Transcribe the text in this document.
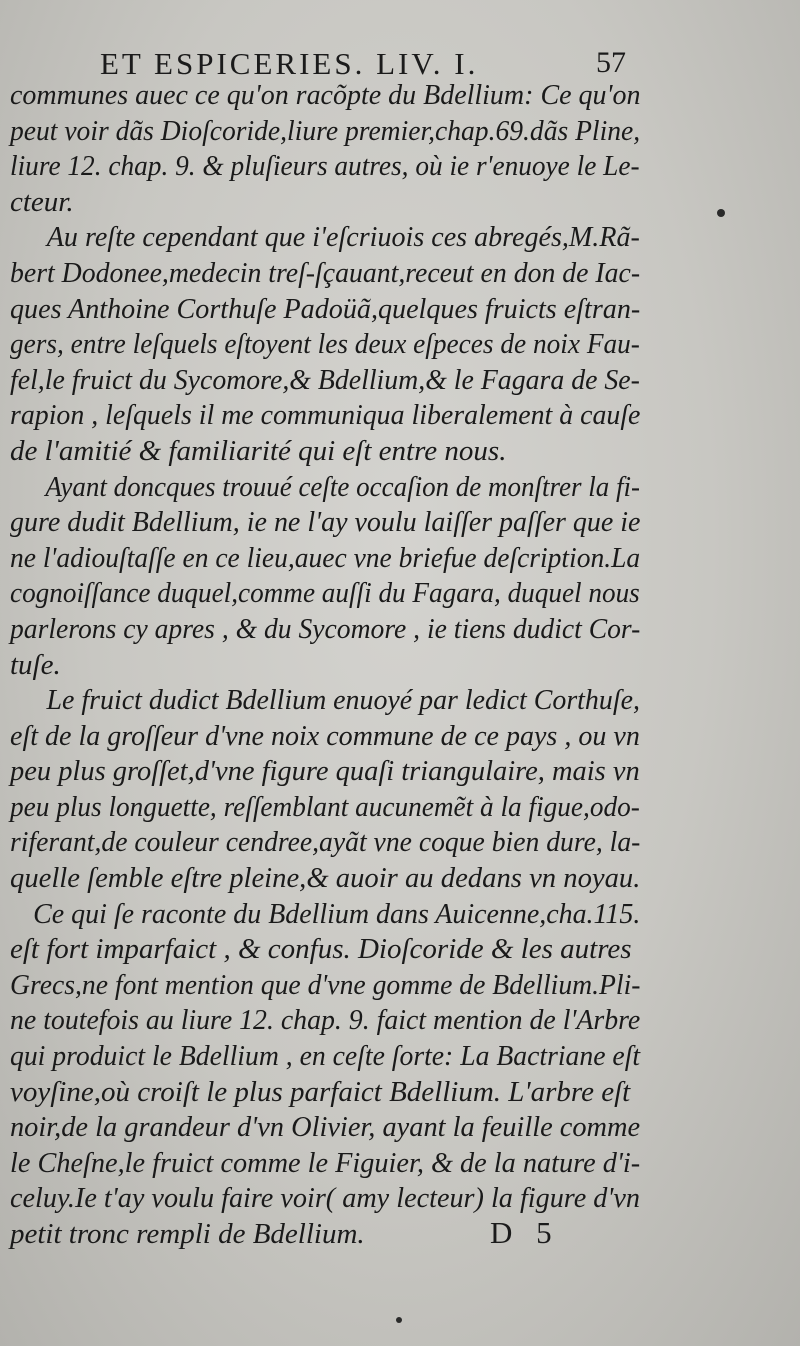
ET ESPICERIES. LIV. I.	57
communes auec ce qu'on racõpte du Bdellium: Ce qu'on
peut voir dãs Dioſcoride,liure premier,chap.69.dãs Pline,
liure 12. chap. 9. & pluſieurs autres, où ie r'enuoye le Le-
cteur.
Au reſte cependant que i'eſcriuois ces abregés,M.Rã-
bert Dodonee,medecin treſ-ſçauant,receut en don de Iac-
ques Anthoine Corthuſe Padoüã,quelques fruicts eſtran-
gers, entre leſquels eſtoyent les deux eſpeces de noix Fau-
fel,le fruict du Sycomore,& Bdellium,& le Fagara de Se-
rapion , leſquels il me communiqua liberalement à cauſe
de l'amitié & familiarité qui eſt entre nous.
Ayant doncques trouué ceſte occaſion de monſtrer la fi-
gure dudit Bdellium, ie ne l'ay voulu laiſſer paſſer que ie
ne l'adiouſtaſſe en ce lieu,auec vne briefue deſcription.La
cognoiſſance duquel,comme auſſi du Fagara, duquel nous
parlerons cy apres , & du Sycomore , ie tiens dudict Cor-
tuſe.
Le fruict dudict Bdellium enuoyé par ledict Corthuſe,
eſt de la groſſeur d'vne noix commune de ce pays , ou vn
peu plus groſſet,d'vne figure quaſi triangulaire, mais vn
peu plus longuette, reſſemblant aucunemẽt à la figue,odo-
riferant,de couleur cendree,ayãt vne coque bien dure, la-
quelle ſemble eſtre pleine,& auoir au dedans vn noyau.
Ce qui ſe raconte du Bdellium dans Auicenne,cha.115.
eſt fort imparfaict , & confus. Dioſcoride & les autres
Grecs,ne font mention que d'vne gomme de Bdellium.Pli-
ne toutefois au liure 12. chap. 9. faict mention de l'Arbre
qui produict le Bdellium , en ceſte ſorte: La Bactriane eſt
voyſine,où croiſt le plus parfaict Bdellium. L'arbre eſt
noir,de la grandeur d'vn Olivier, ayant la feuille comme
le Cheſne,le fruict comme le Figuier, & de la nature d'i-
celuy.Ie t'ay voulu faire voir( amy lecteur) la figure d'vn
petit tronc rempli de Bdellium.	D 5
